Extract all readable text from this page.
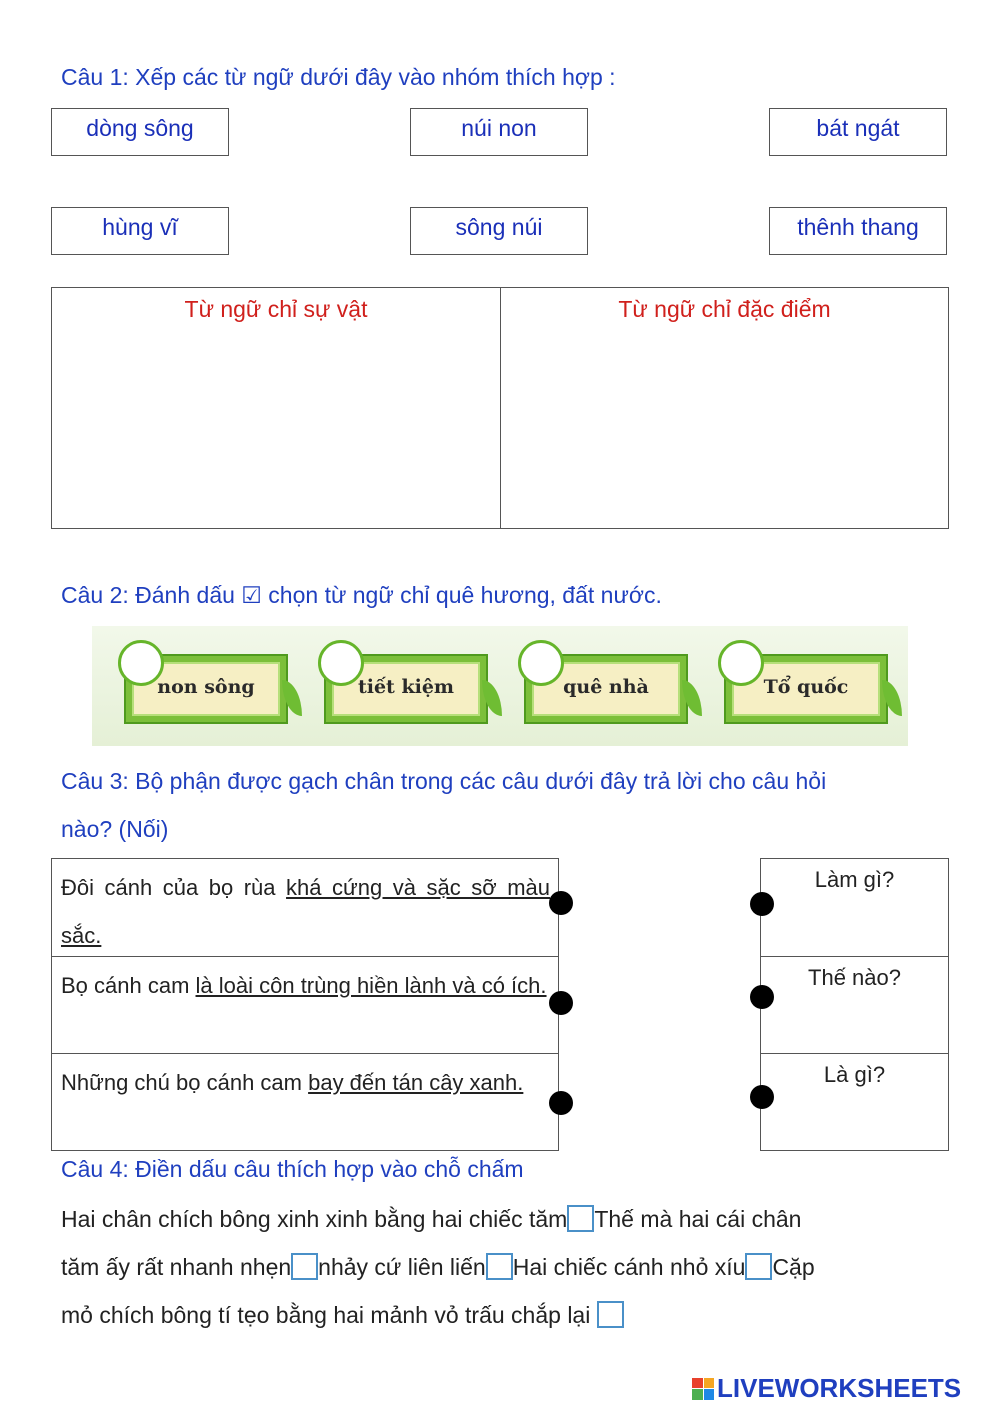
Câu 1: Xếp các từ ngữ dưới đây vào nhóm thích hợp :
dòng sông	núi non	bát ngát
hùng vĩ	sông núi	thênh thang
Từ ngữ chỉ sự vật	Từ ngữ chỉ đặc điểm
Câu 2: Đánh dấu ☑ chọn từ ngữ chỉ quê hương, đất nước.
non sông	tiết kiệm	quê nhà	Tổ quốc
Câu 3: Bộ phận được gạch chân trong các câu dưới đây trả lời cho câu hỏi
nào? (Nối)
Đôi cánh của bọ rùa khá cứng và sặc sỡ màu sắc.
Bọ cánh cam là loài côn trùng hiền lành và có ích.
Những chú bọ cánh cam bay đến tán cây xanh.
Làm gì?
Thế nào?
Là gì?
Câu 4: Điền dấu câu thích hợp vào chỗ chấm
Hai chân chích bông xinh xinh bằng hai chiếc tăm Thế mà hai cái chân
tăm ấy rất nhanh nhẹn nhảy cứ liên liến Hai chiếc cánh nhỏ xíu Cặp
mỏ chích bông tí tẹo bằng hai mảnh vỏ trấu chắp lại
LIVEWORKSHEETS
